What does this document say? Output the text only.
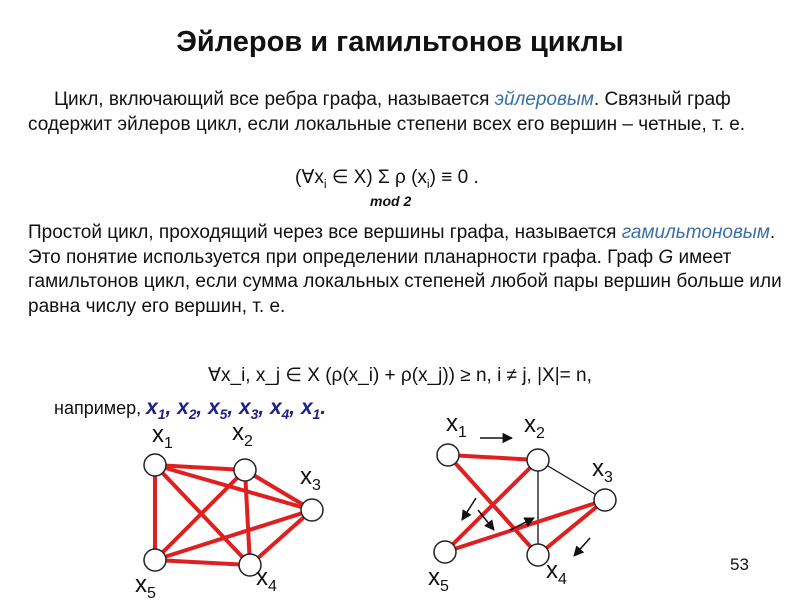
Эйлеров и гамильтонов циклы
Цикл, включающий все ребра графа, называется эйлеровым. Связный граф содержит эйлеров цикл, если локальные степени всех его вершин – четные, т. е.
($\forall x_i$ ∈ X) Σ ρ $(x_i) \equiv 0$ .
mod 2
Простой цикл, проходящий через все вершины графа, называется гамильтоновым. Это понятие используется при определении планарности графа. Граф G имеет гамильтонов цикл, если сумма локальных степеней любой пары вершин больше или равна числу его вершин, т. е.
∀x_i, x_j ∈ X (ρ(x_i) + ρ(x_j)) ≥ n, i ≠ j, |X|= n,
например, $x_1$, $x_2$, $x_5$, $x_3$, $x_4$, $x_1$.
$x_1$ $x_2$
$x_3$
$x_4$
$x_5$
$x_1$ $x_2$
$x_3$
$x_4$
$x_5$
53
